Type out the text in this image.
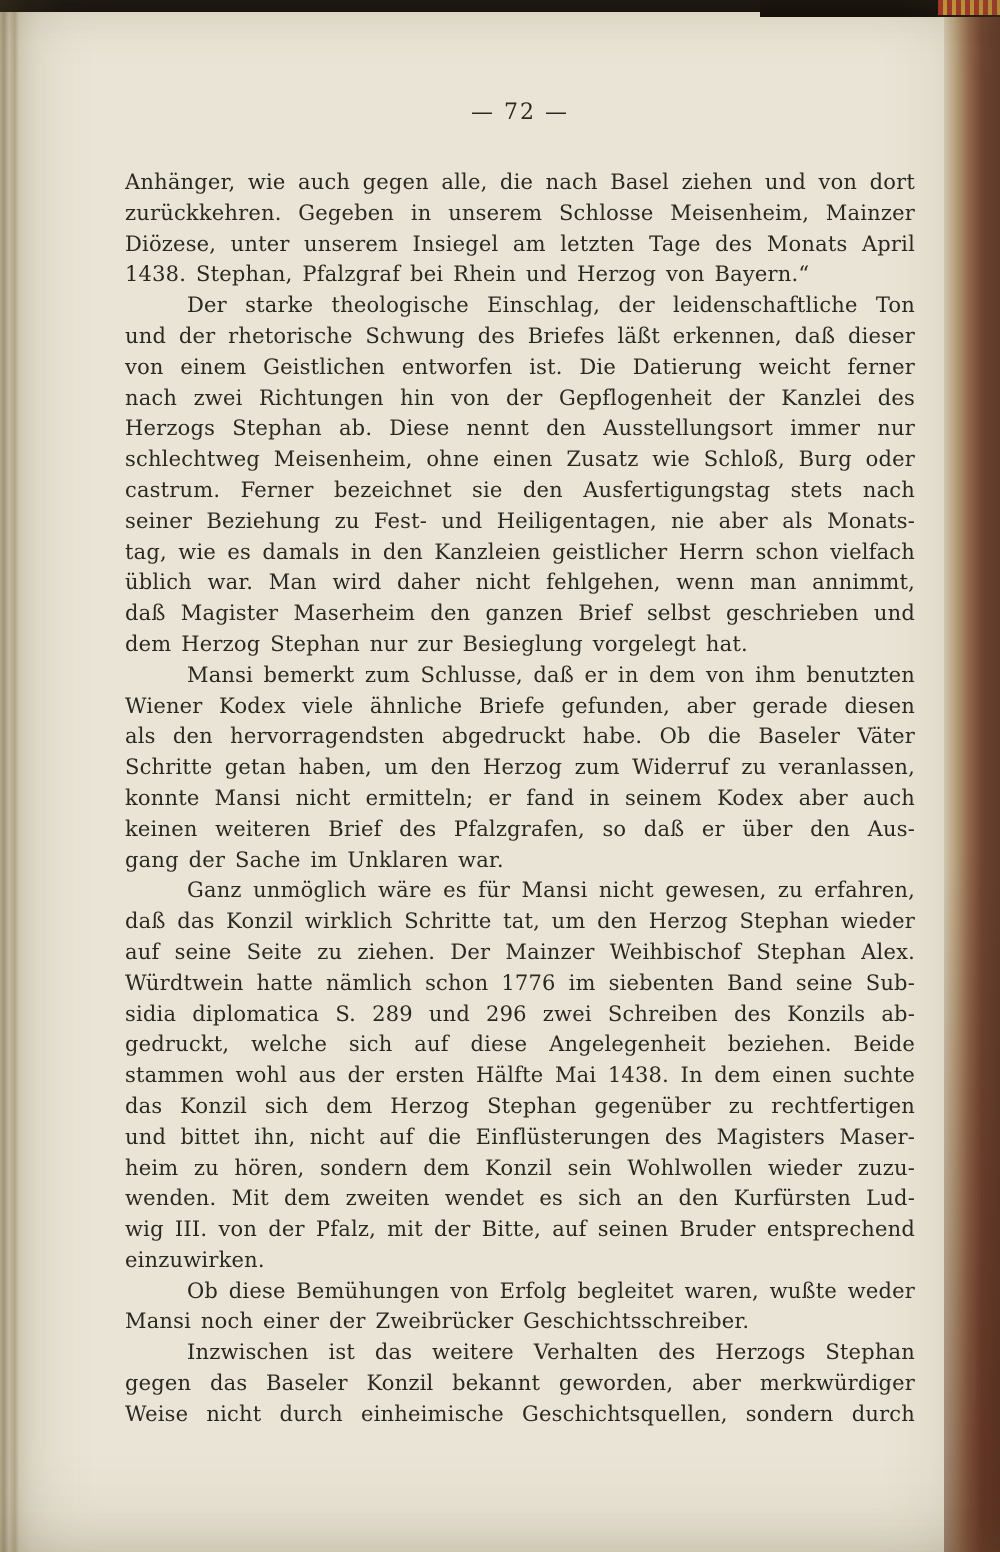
— 72 —
Anhänger, wie auch gegen alle, die nach Basel ziehen und von dort
zurückkehren. Gegeben in unserem Schlosse Meisenheim, Mainzer
Diözese, unter unserem Insiegel am letzten Tage des Monats April
1438. Stephan, Pfalzgraf bei Rhein und Herzog von Bayern.“
Der starke theologische Einschlag, der leidenschaftliche Ton
und der rhetorische Schwung des Briefes läßt erkennen, daß dieser
von einem Geistlichen entworfen ist. Die Datierung weicht ferner
nach zwei Richtungen hin von der Gepflogenheit der Kanzlei des
Herzogs Stephan ab. Diese nennt den Ausstellungsort immer nur
schlechtweg Meisenheim, ohne einen Zusatz wie Schloß, Burg oder
castrum. Ferner bezeichnet sie den Ausfertigungstag stets nach
seiner Beziehung zu Fest- und Heiligentagen, nie aber als Monats-
tag, wie es damals in den Kanzleien geistlicher Herrn schon vielfach
üblich war. Man wird daher nicht fehlgehen, wenn man annimmt,
daß Magister Maserheim den ganzen Brief selbst geschrieben und
dem Herzog Stephan nur zur Besieglung vorgelegt hat.
Mansi bemerkt zum Schlusse, daß er in dem von ihm benutzten
Wiener Kodex viele ähnliche Briefe gefunden, aber gerade diesen
als den hervorragendsten abgedruckt habe. Ob die Baseler Väter
Schritte getan haben, um den Herzog zum Widerruf zu veranlassen,
konnte Mansi nicht ermitteln; er fand in seinem Kodex aber auch
keinen weiteren Brief des Pfalzgrafen, so daß er über den Aus-
gang der Sache im Unklaren war.
Ganz unmöglich wäre es für Mansi nicht gewesen, zu erfahren,
daß das Konzil wirklich Schritte tat, um den Herzog Stephan wieder
auf seine Seite zu ziehen. Der Mainzer Weihbischof Stephan Alex.
Würdtwein hatte nämlich schon 1776 im siebenten Band seine Sub-
sidia diplomatica S. 289 und 296 zwei Schreiben des Konzils ab-
gedruckt, welche sich auf diese Angelegenheit beziehen. Beide
stammen wohl aus der ersten Hälfte Mai 1438. In dem einen suchte
das Konzil sich dem Herzog Stephan gegenüber zu rechtfertigen
und bittet ihn, nicht auf die Einflüsterungen des Magisters Maser-
heim zu hören, sondern dem Konzil sein Wohlwollen wieder zuzu-
wenden. Mit dem zweiten wendet es sich an den Kurfürsten Lud-
wig III. von der Pfalz, mit der Bitte, auf seinen Bruder entsprechend
einzuwirken.
Ob diese Bemühungen von Erfolg begleitet waren, wußte weder
Mansi noch einer der Zweibrücker Geschichtsschreiber.
Inzwischen ist das weitere Verhalten des Herzogs Stephan
gegen das Baseler Konzil bekannt geworden, aber merkwürdiger
Weise nicht durch einheimische Geschichtsquellen, sondern durch
